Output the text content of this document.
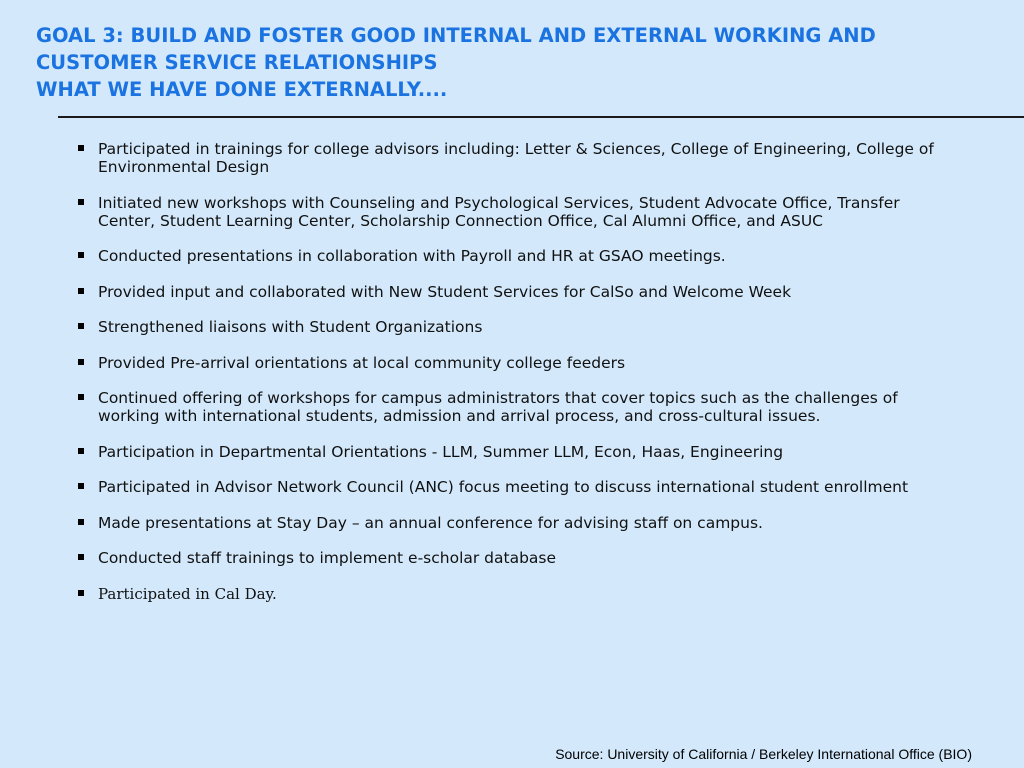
GOAL 3: BUILD AND FOSTER GOOD INTERNAL AND EXTERNAL WORKING AND
CUSTOMER SERVICE RELATIONSHIPS
WHAT WE HAVE DONE EXTERNALLY....
Participated in trainings for college advisors including: Letter & Sciences, College of Engineering, College of Environmental Design
Initiated new workshops with Counseling and Psychological Services, Student Advocate Office, Transfer Center, Student Learning Center, Scholarship Connection Office, Cal Alumni Office, and ASUC
Conducted presentations in collaboration with Payroll and HR at GSAO meetings.
Provided input and collaborated with New Student Services for CalSo and Welcome Week
Strengthened liaisons with Student Organizations
Provided Pre-arrival orientations at local community college feeders
Continued offering of workshops for campus administrators that cover topics such as the challenges of working with international students, admission and arrival process, and cross-cultural issues.
Participation in Departmental Orientations - LLM, Summer LLM, Econ, Haas, Engineering
Participated in Advisor Network Council (ANC) focus meeting to discuss international student enrollment
Made presentations at Stay Day – an annual conference for advising staff on campus.
Conducted staff trainings to implement e-scholar database
Participated in Cal Day.
Source: University of California / Berkeley International Office (BIO)
